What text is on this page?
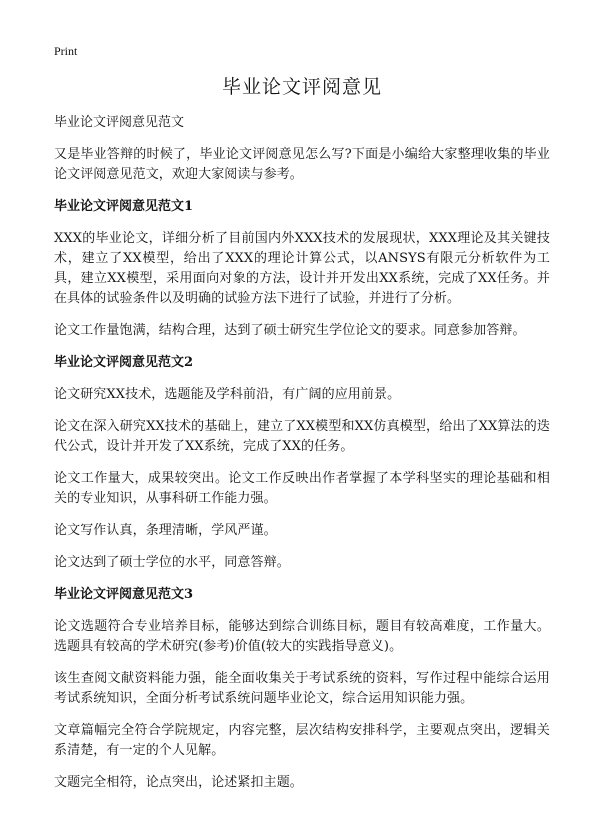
Print
毕业论文评阅意见

毕业论文评阅意见范文

又是毕业答辩的时候了，毕业论文评阅意见怎么写?下面是小编给大家整理收集的毕业论文评阅意见范文，欢迎大家阅读与参考。

毕业论文评阅意见范文1

XXX的毕业论文，详细分析了目前国内外XXX技术的发展现状，XXX理论及其关键技术，建立了XX模型，给出了XXX的理论计算公式，以ANSYS有限元分析软件为工具，建立XX模型，采用面向对象的方法，设计并开发出XX系统，完成了XX任务。并在具体的试验条件以及明确的试验方法下进行了试验，并进行了分析。

论文工作量饱满，结构合理，达到了硕士研究生学位论文的要求。同意参加答辩。

毕业论文评阅意见范文2

论文研究XX技术，选题能及学科前沿，有广阔的应用前景。

论文在深入研究XX技术的基础上，建立了XX模型和XX仿真模型，给出了XX算法的迭代公式，设计并开发了XX系统，完成了XX的任务。

论文工作量大，成果较突出。论文工作反映出作者掌握了本学科坚实的理论基础和相关的专业知识，从事科研工作能力强。

论文写作认真，条理清晰，学风严谨。

论文达到了硕士学位的水平，同意答辩。

毕业论文评阅意见范文3

论文选题符合专业培养目标，能够达到综合训练目标，题目有较高难度，工作量大。选题具有较高的学术研究(参考)价值(较大的实践指导意义)。

该生查阅文献资料能力强，能全面收集关于考试系统的资料，写作过程中能综合运用考试系统知识，全面分析考试系统问题毕业论文，综合运用知识能力强。

文章篇幅完全符合学院规定，内容完整，层次结构安排科学，主要观点突出，逻辑关系清楚，有一定的个人见解。

文题完全相符，论点突出，论述紧扣主题。
